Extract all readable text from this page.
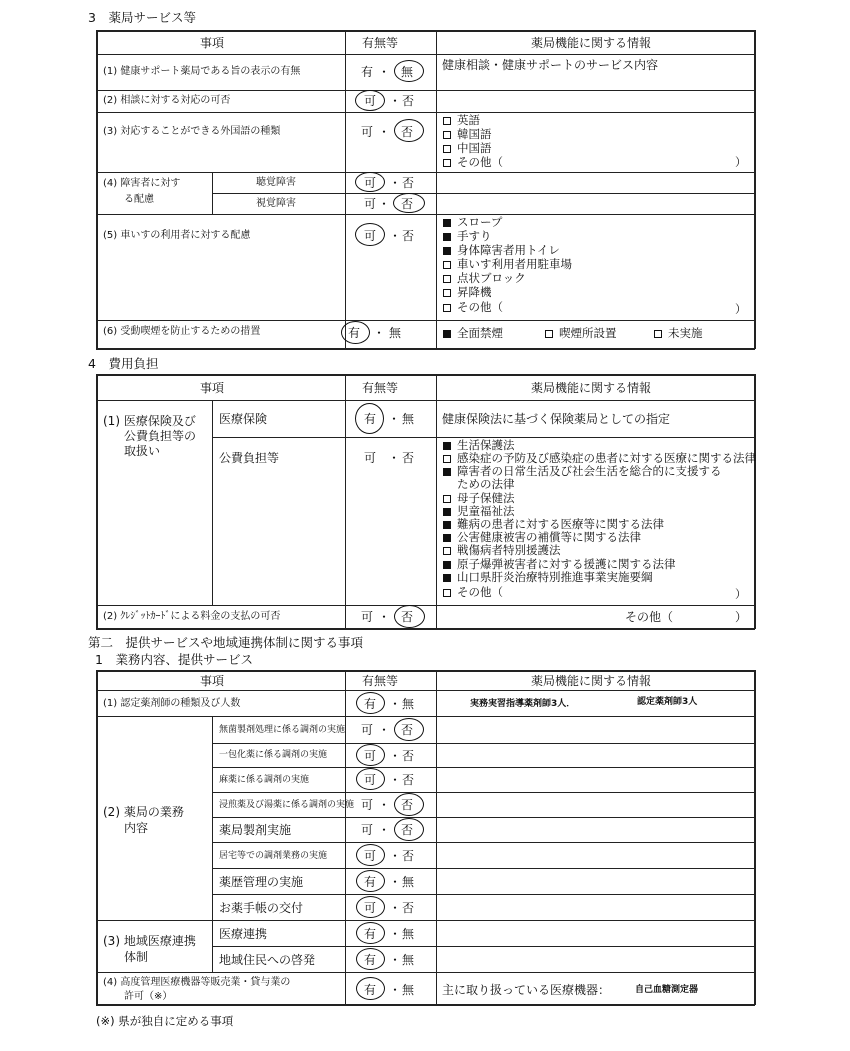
3　薬局サービス等
事項	有無等	薬局機能に関する情報
(1) 健康サポート薬局である旨の表示の有無	有 ・ 無 健康相談・健康サポートのサービス内容
(2) 相談に対する対応の可否	可 ・ 否
(3) 対応することができる外国語の種類	可 ・ 否
英語
韓国語
中国語
その他（	）
(4) 障害者に対す
る配慮
聴覚障害	可 ・ 否
視覚障害	可 ・ 否
(5) 車いすの利用者に対する配慮	可 ・ 否
スロープ
手すり
身体障害者用トイレ
車いす利用者用駐車場
点状ブロック
昇降機
その他（	）
(6) 受動喫煙を防止するための措置	有 ・ 無	全面禁煙	喫煙所設置	未実施
4　費用負担
事項	有無等	薬局機能に関する情報
(1) 医療保険及び
公費負担等の
取扱い
医療保険	有 ・ 無 健康保険法に基づく保険薬局としての指定
公費負担等	可 ・ 否
生活保護法
感染症の予防及び感染症の患者に対する医療に関する法律
障害者の日常生活及び社会生活を総合的に支援する
ための法律
母子保健法
児童福祉法
難病の患者に対する医療等に関する法律
公害健康被害の補償等に関する法律
戦傷病者特別援護法
原子爆弾被害者に対する援護に関する法律
山口県肝炎治療特別推進事業実施要綱
その他（	）
(2) ｸﾚｼﾞｯﾄｶｰﾄﾞによる料金の支払の可否	可 ・ 否	その他（	）
第二　提供サービスや地域連携体制に関する事項
1　業務内容、提供サービス
事項	有無等	薬局機能に関する情報
(1) 認定薬剤師の種類及び人数	有 ・ 無	実務実習指導薬剤師3人．	認定薬剤師3人
(2) 薬局の業務
内容
無菌製剤処理に係る調剤の実施 可 ・ 否
一包化薬に係る調剤の実施	可 ・ 否
麻薬に係る調剤の実施	可 ・ 否
浸煎薬及び湯薬に係る調剤の実施 可 ・ 否
薬局製剤実施	可 ・ 否
居宅等での調剤業務の実施	可 ・ 否
薬歴管理の実施	有 ・ 無
お薬手帳の交付	可 ・ 否
(3) 地域医療連携
体制
医療連携	有 ・ 無
地域住民への啓発	有 ・ 無
(4) 高度管理医療機器等販売業・貸与業の
許可（※）	有 ・ 無 主に取り扱っている医療機器：	自己血糖測定器
(※) 県が独自に定める事項
